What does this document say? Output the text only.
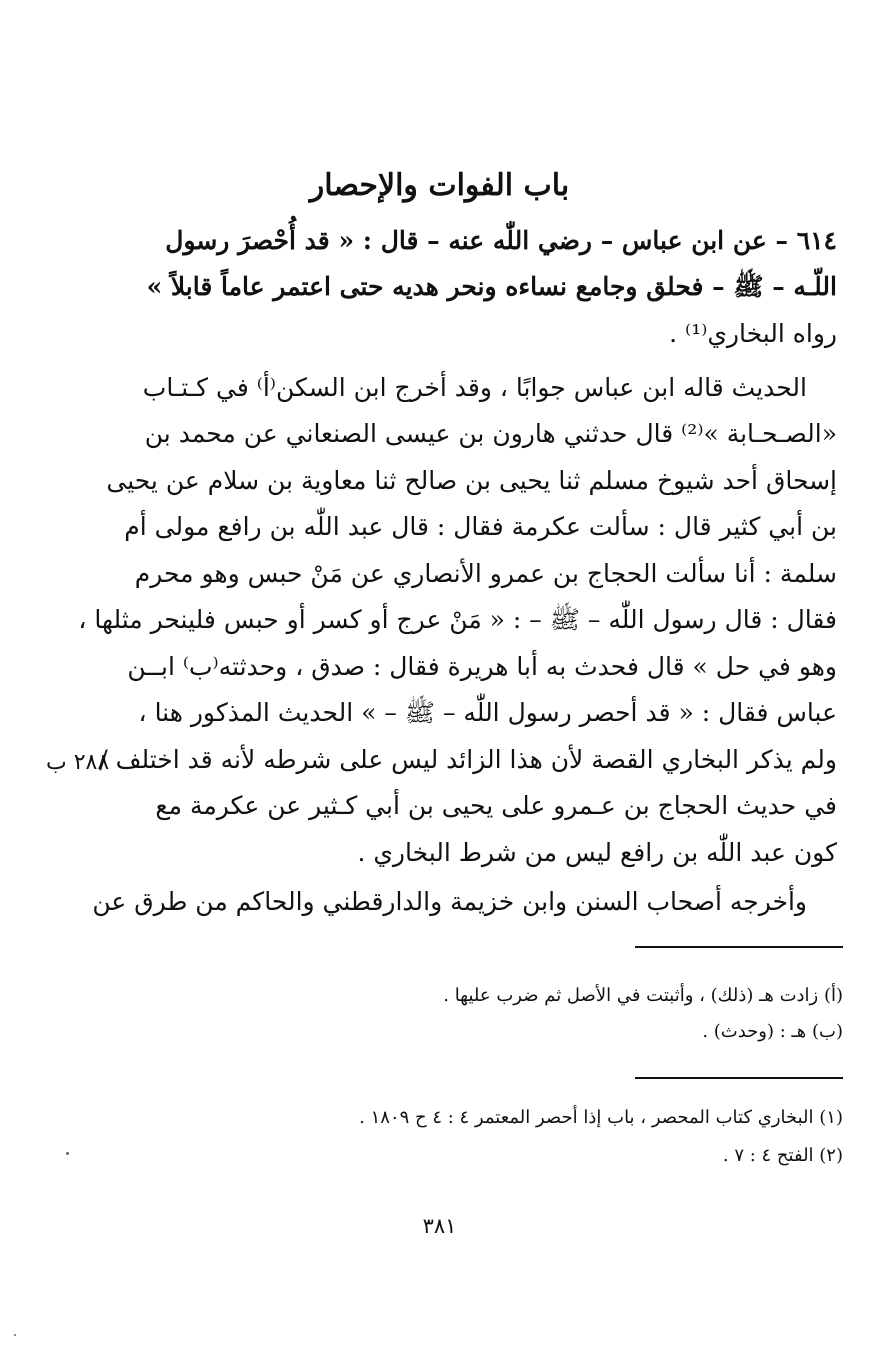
باب الفوات والإحصار
٦١٤ – عن ابن عباس – رضي اللّٰه عنه – قال : « قد أُحْصرَ رسول
اللّـه – ﷺ – فحلق وجامع نساءه ونحر هديه حتى اعتمر عاماً قابلاً »
رواه البخاري⁽¹⁾ .
الحديث قاله ابن عباس جوابًا ، وقد أخرج ابن السكن⁽أ⁾ في كـتـاب
«الصـحـابة »⁽²⁾ قال حدثني هارون بن عيسى الصنعاني عن محمد بن
إسحاق أحد شيوخ مسلم ثنا يحيى بن صالح ثنا معاوية بن سلام عن يحيى
بن أبي كثير قال : سألت عكرمة فقال : قال عبد اللّٰه بن رافع مولى أم
سلمة : أنا سألت الحجاج بن عمرو الأنصاري عن مَنْ حبس وهو محرم
فقال : قال رسول اللّٰه – ﷺ – : « مَنْ عرج أو كسر أو حبس فلينحر مثلها ،
وهو في حل » قال فحدث به أبا هريرة فقال : صدق ، وحدثته⁽ب⁾ ابــن
عباس فقال : « قد أحصر رسول اللّٰه – ﷺ – » الحديث المذكور هنا ،
ولم يذكر البخاري القصة لأن هذا الزائد ليس على شرطه لأنه قد اختلف /
في حديث الحجاج بن عـمرو على يحيى بن أبي كـثير عن عكرمة مع
كون عبد اللّٰه بن رافع ليس من شرط البخاري .
وأخرجه أصحاب السنن وابن خزيمة والدارقطني والحاكم من طرق عن
٢٨٨ ب
(أ) زادت هـ (ذلك) ، وأثبتت في الأصل ثم ضرب عليها .
(ب) هـ : (وحدث) .
(١) البخاري كتاب المحصر ، باب إذا أحصر المعتمر ٤ : ٤ ح ١٨٠٩ .
(٢) الفتح ٤ : ٧ .
٣٨١
